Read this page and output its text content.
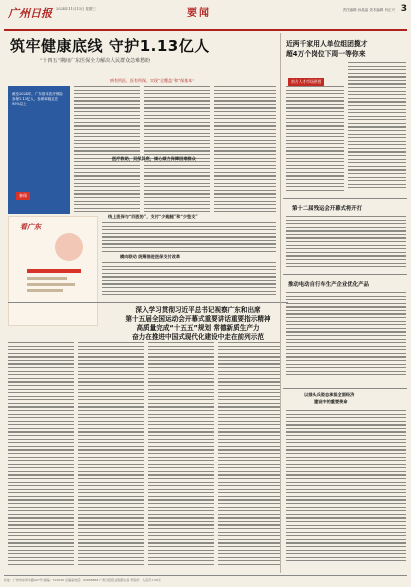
广州日报 2024年11月13日 星期三	要闻	责任编辑 孙晶晶 美术编辑 肖正兴 3
筑牢健康底线 守护1.13亿人
“十四五”期间广东医保全力解决人民群众急难愁盼
病有所医，医有所保，实现“全覆盖”和“保基本”
截至2024年，广东基本医疗保险参保1.13亿人，参保率稳定在95%以上
参保
医疗救助，双保其底，倾心倾力保障困难群众
线上医保与“四医协”，支付“少跑腿”和“少垫支”
横向联动 统筹推进医保支付改革
看广东
深入学习贯彻习近平总书记视察广东和出席
第十五届全国运动会开幕式重要讲话重要指示精神
高质量完成“十五五”规划 常德新质生产力
奋力在推进中国式现代化建设中走在前列示范
近两千家用人单位组团揽才
超4万个岗位下周一等你来
南方人才市场供图
第十二届残运会开幕式将开打
推动电动自行车生产企业优化产品
以排头兵姿态承担全面经济
建设中的重要使命
社址：广州市东风中路437号 邮编：510030 总编室电话：83888888 广州日报报业集团出品 零售价：人民币1.50元
